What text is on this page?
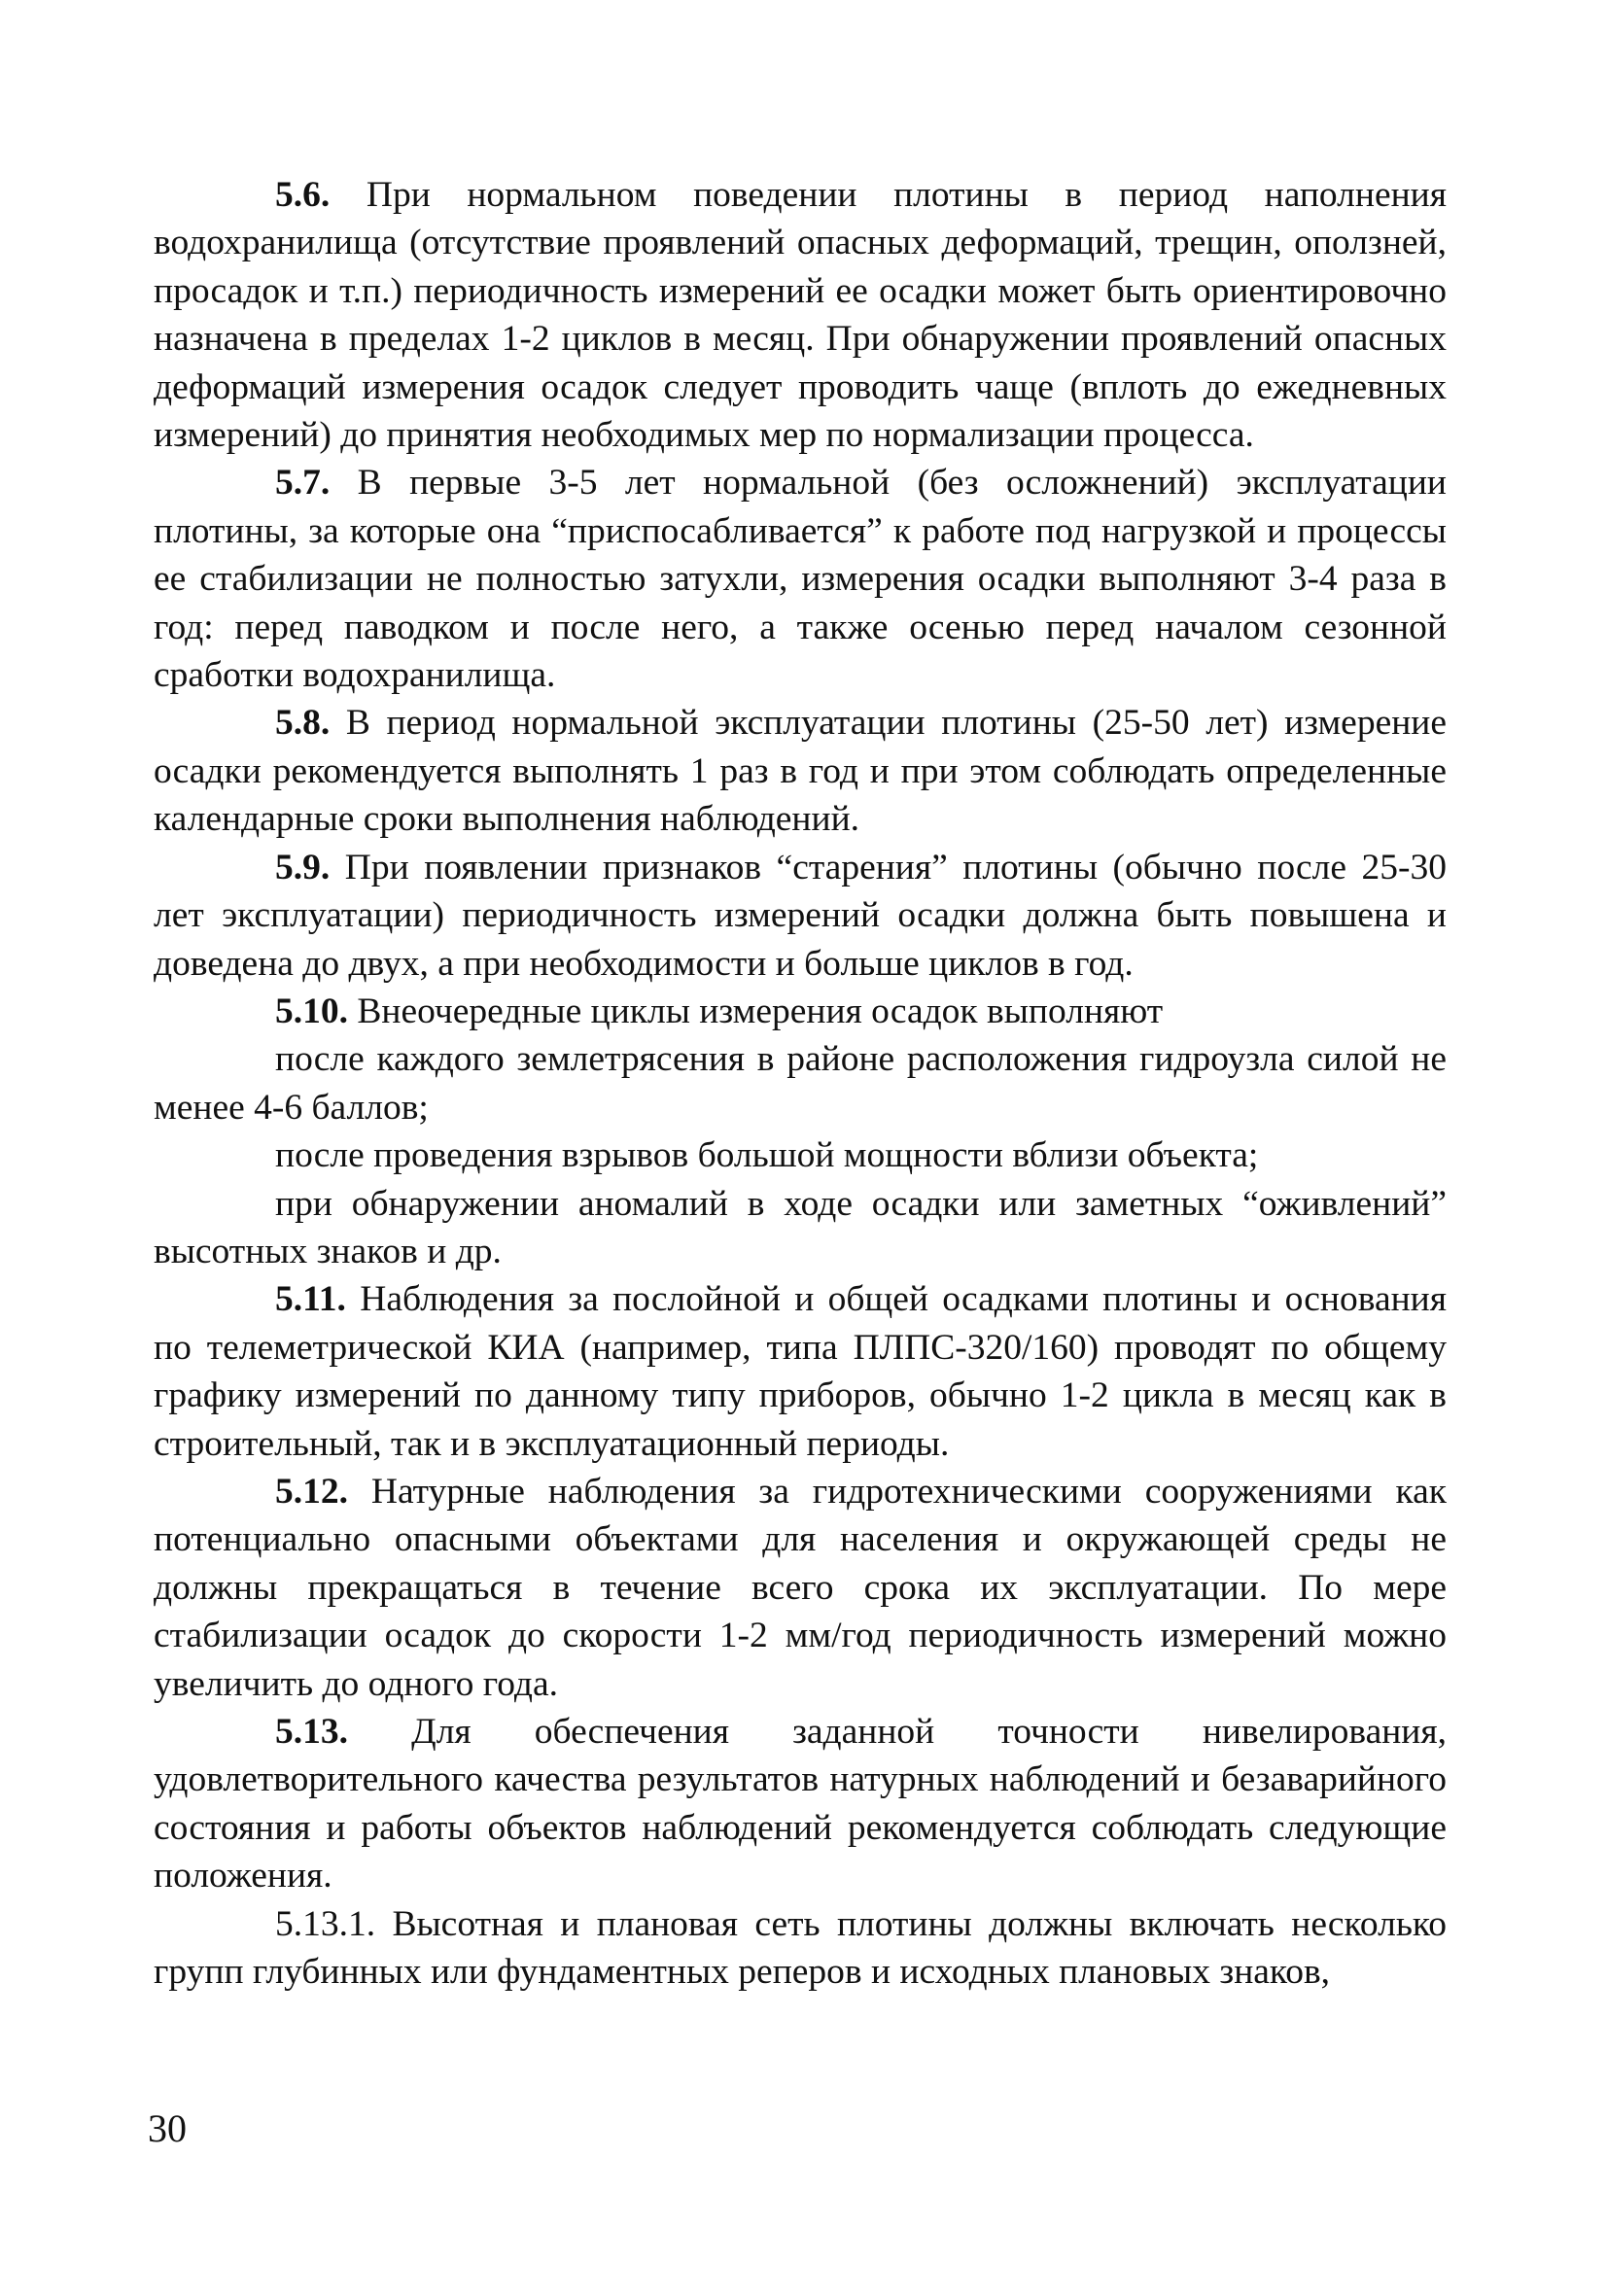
5.6. При нормальном поведении плотины в период наполнения водохранилища (отсутствие проявлений опасных деформаций, трещин, оползней, просадок и т.п.) периодичность измерений ее осадки может быть ориентировочно назначена в пределах 1-2 циклов в месяц. При обнаружении проявлений опасных деформаций измерения осадок следует проводить чаще (вплоть до ежедневных измерений) до принятия необходимых мер по нормализации процесса.

5.7. В первые 3-5 лет нормальной (без осложнений) эксплуатации плотины, за которые она “приспосабливается” к работе под нагрузкой и процессы ее стабилизации не полностью затухли, измерения осадки выполняют 3-4 раза в год: перед паводком и после него, а также осенью перед началом сезонной сработки водохранилища.

5.8. В период нормальной эксплуатации плотины (25-50 лет) измерение осадки рекомендуется выполнять 1 раз в год и при этом соблюдать определенные календарные сроки выполнения наблюдений.

5.9. При появлении признаков “старения” плотины (обычно после 25-30 лет эксплуатации) периодичность измерений осадки должна быть повышена и доведена до двух, а при необходимости и больше циклов в год.

5.10. Внеочередные циклы измерения осадок выполняют

после каждого землетрясения в районе расположения гидроузла силой не менее 4-6 баллов;

после проведения взрывов большой мощности вблизи объекта;

при обнаружении аномалий в ходе осадки или заметных “оживлений” высотных знаков и др.

5.11. Наблюдения за послойной и общей осадками плотины и основания по телеметрической КИА (например, типа ПЛПС-320/160) проводят по общему графику измерений по данному типу приборов, обычно 1-2 цикла в месяц как в строительный, так и в эксплуатационный периоды.

5.12. Натурные наблюдения за гидротехническими сооружениями как потенциально опасными объектами для населения и окружающей среды не должны прекращаться в течение всего срока их эксплуатации. По мере стабилизации осадок до скорости 1-2 мм/год периодичность измерений можно увеличить до одного года.

5.13. Для обеспечения заданной точности нивелирования, удовлетворительного качества результатов натурных наблюдений и безаварийного состояния и работы объектов наблюдений рекомендуется соблюдать следующие положения.

5.13.1. Высотная и плановая сеть плотины должны включать несколько групп глубинных или фундаментных реперов и исходных плановых знаков,

30
